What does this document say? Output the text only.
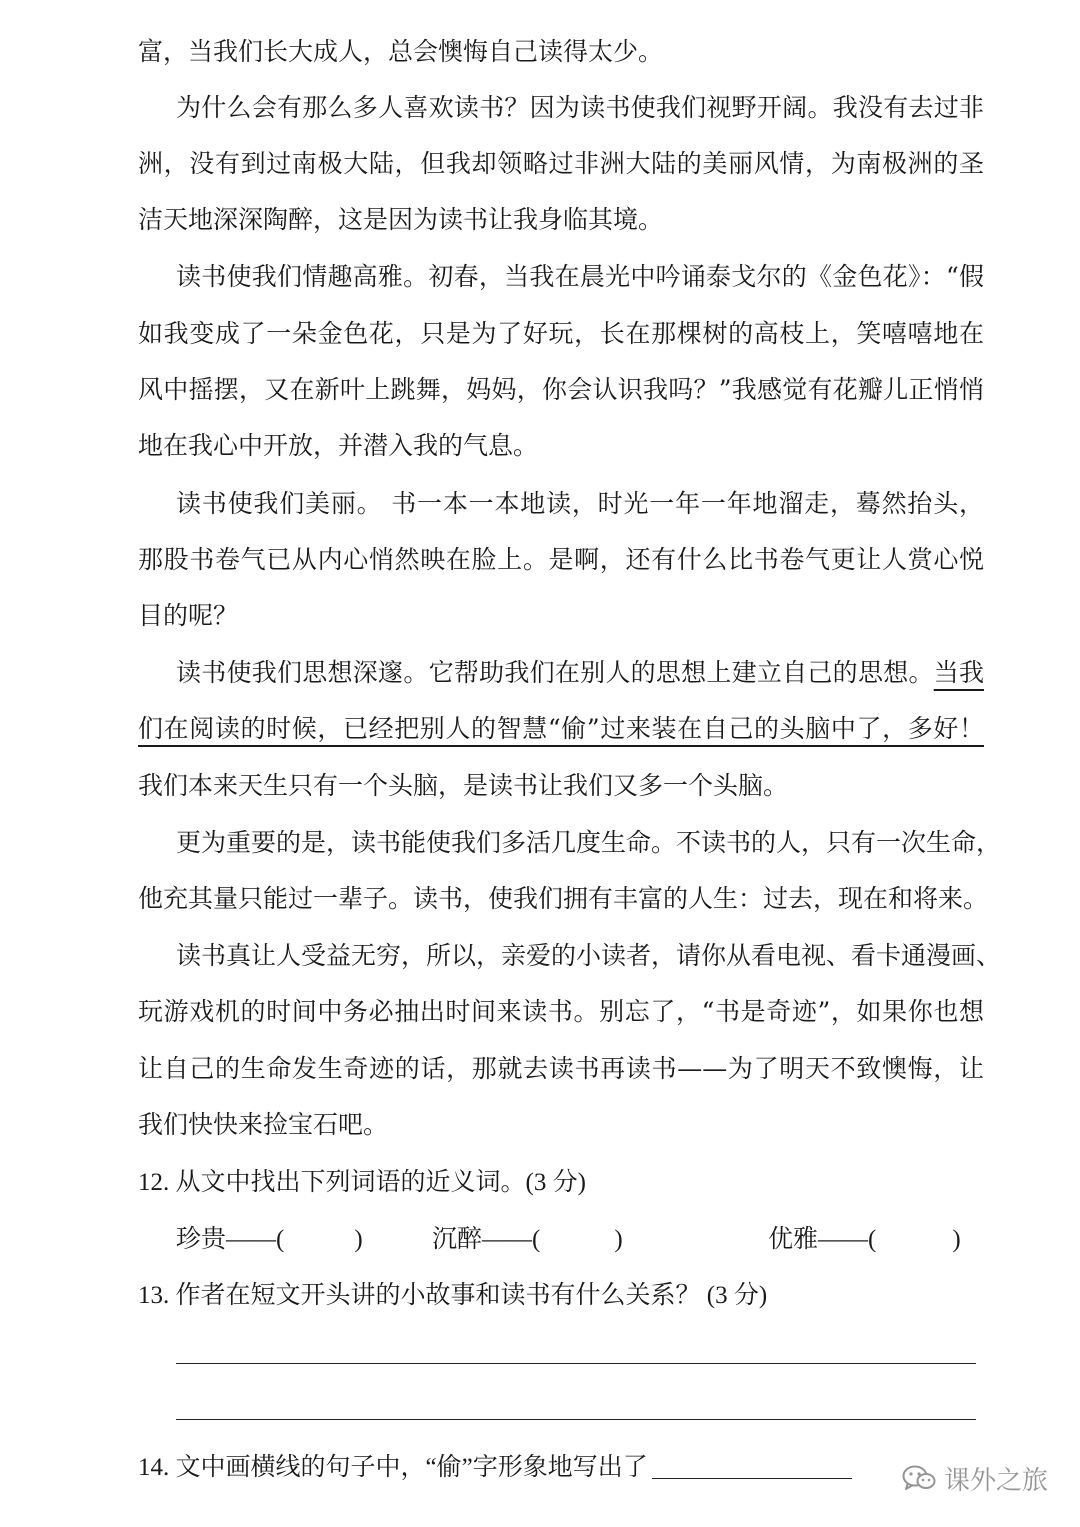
富，当我们长大成人，总会懊悔自己读得太少。
为什么会有那么多人喜欢读书？因为读书使我们视野开阔。我没有去过非
洲，没有到过南极大陆，但我却领略过非洲大陆的美丽风情，为南极洲的圣
洁天地深深陶醉，这是因为读书让我身临其境。
读书使我们情趣高雅。初春，当我在晨光中吟诵泰戈尔的《金色花》：“假
如我变成了一朵金色花，只是为了好玩，长在那棵树的高枝上，笑嘻嘻地在
风中摇摆，又在新叶上跳舞，妈妈，你会认识我吗？”我感觉有花瓣儿正悄悄
地在我心中开放，并潜入我的气息。
读书使我们美丽。 书一本一本地读，时光一年一年地溜走，蓦然抬头，
那股书卷气已从内心悄然映在脸上。是啊，还有什么比书卷气更让人赏心悦
目的呢？
读书使我们思想深邃。它帮助我们在别人的思想上建立自己的思想。当我
们在阅读的时候，已经把别人的智慧“偷”过来装在自己的头脑中了，多好！
我们本来天生只有一个头脑，是读书让我们又多一个头脑。
更为重要的是，读书能使我们多活几度生命。不读书的人，只有一次生命，
他充其量只能过一辈子。读书，使我们拥有丰富的人生：过去，现在和将来。
读书真让人受益无穷，所以，亲爱的小读者，请你从看电视、看卡通漫画、
玩游戏机的时间中务必抽出时间来读书。别忘了，“书是奇迹”，如果你也想
让自己的生命发生奇迹的话，那就去读书再读书——为了明天不致懊悔，让
我们快快来捡宝石吧。
12. 从文中找出下列词语的近义词。(3 分)
珍贵——(	)	沉醉——(	)	优雅——(	)
13. 作者在短文开头讲的小故事和读书有什么关系？ (3 分)
14. 文中画横线的句子中，“偷”字形象地写出了	课外之旅
